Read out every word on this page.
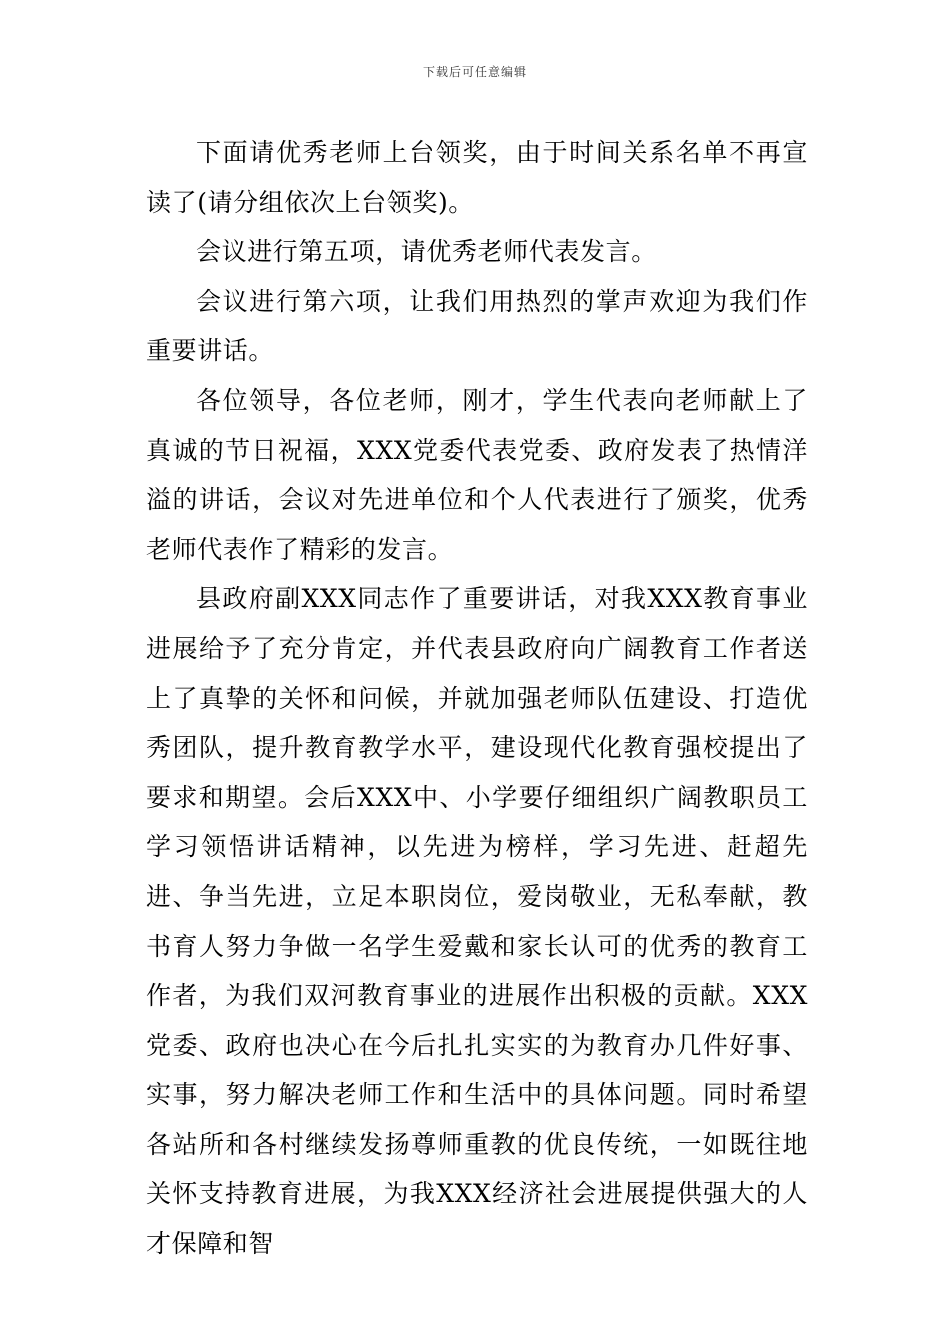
下载后可任意编辑

下面请优秀老师上台领奖，由于时间关系名单不再宣读了(请分组依次上台领奖)。

会议进行第五项，请优秀老师代表发言。

会议进行第六项，让我们用热烈的掌声欢迎为我们作重要讲话。

各位领导，各位老师，刚才，学生代表向老师献上了真诚的节日祝福，XXX党委代表党委、政府发表了热情洋溢的讲话，会议对先进单位和个人代表进行了颁奖，优秀老师代表作了精彩的发言。

县政府副XXX同志作了重要讲话，对我XXX教育事业进展给予了充分肯定，并代表县政府向广阔教育工作者送上了真挚的关怀和问候，并就加强老师队伍建设、打造优秀团队，提升教育教学水平，建设现代化教育强校提出了要求和期望。会后XXX中、小学要仔细组织广阔教职员工学习领悟讲话精神，以先进为榜样，学习先进、赶超先进、争当先进，立足本职岗位，爱岗敬业，无私奉献，教书育人努力争做一名学生爱戴和家长认可的优秀的教育工作者，为我们双河教育事业的进展作出积极的贡献。XXX党委、政府也决心在今后扎扎实实的为教育办几件好事、实事，努力解决老师工作和生活中的具体问题。同时希望各站所和各村继续发扬尊师重教的优良传统，一如既往地关怀支持教育进展，为我XXX经济社会进展提供强大的人才保障和智
